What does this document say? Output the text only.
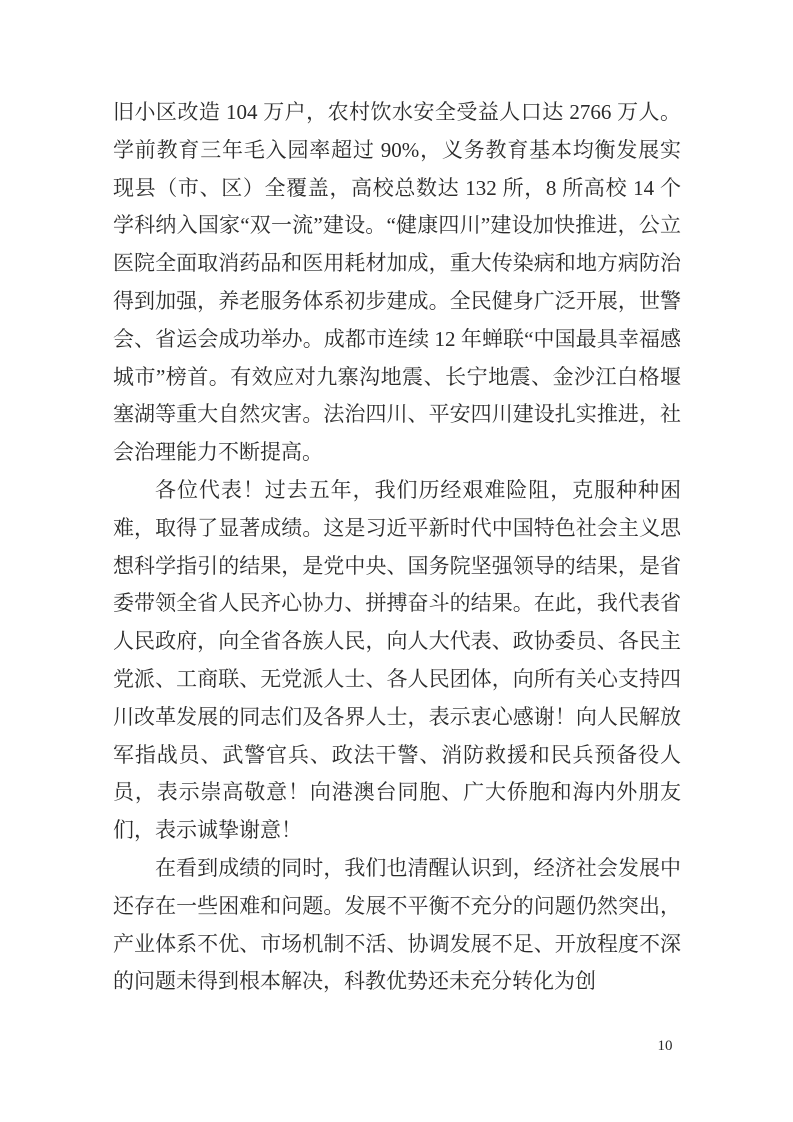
旧小区改造 104 万户，农村饮水安全受益人口达 2766 万人。学前教育三年毛入园率超过 90%，义务教育基本均衡发展实现县（市、区）全覆盖，高校总数达 132 所，8 所高校 14 个学科纳入国家“双一流”建设。“健康四川”建设加快推进，公立医院全面取消药品和医用耗材加成，重大传染病和地方病防治得到加强，养老服务体系初步建成。全民健身广泛开展，世警会、省运会成功举办。成都市连续 12 年蝉联“中国最具幸福感城市”榜首。有效应对九寨沟地震、长宁地震、金沙江白格堰塞湖等重大自然灾害。法治四川、平安四川建设扎实推进，社会治理能力不断提高。

各位代表！过去五年，我们历经艰难险阻，克服种种困难，取得了显著成绩。这是习近平新时代中国特色社会主义思想科学指引的结果，是党中央、国务院坚强领导的结果，是省委带领全省人民齐心协力、拼搏奋斗的结果。在此，我代表省人民政府，向全省各族人民，向人大代表、政协委员、各民主党派、工商联、无党派人士、各人民团体，向所有关心支持四川改革发展的同志们及各界人士，表示衷心感谢！向人民解放军指战员、武警官兵、政法干警、消防救援和民兵预备役人员，表示崇高敬意！向港澳台同胞、广大侨胞和海内外朋友们，表示诚挚谢意！

在看到成绩的同时，我们也清醒认识到，经济社会发展中还存在一些困难和问题。发展不平衡不充分的问题仍然突出，产业体系不优、市场机制不活、协调发展不足、开放程度不深的问题未得到根本解决，科教优势还未充分转化为创

10
